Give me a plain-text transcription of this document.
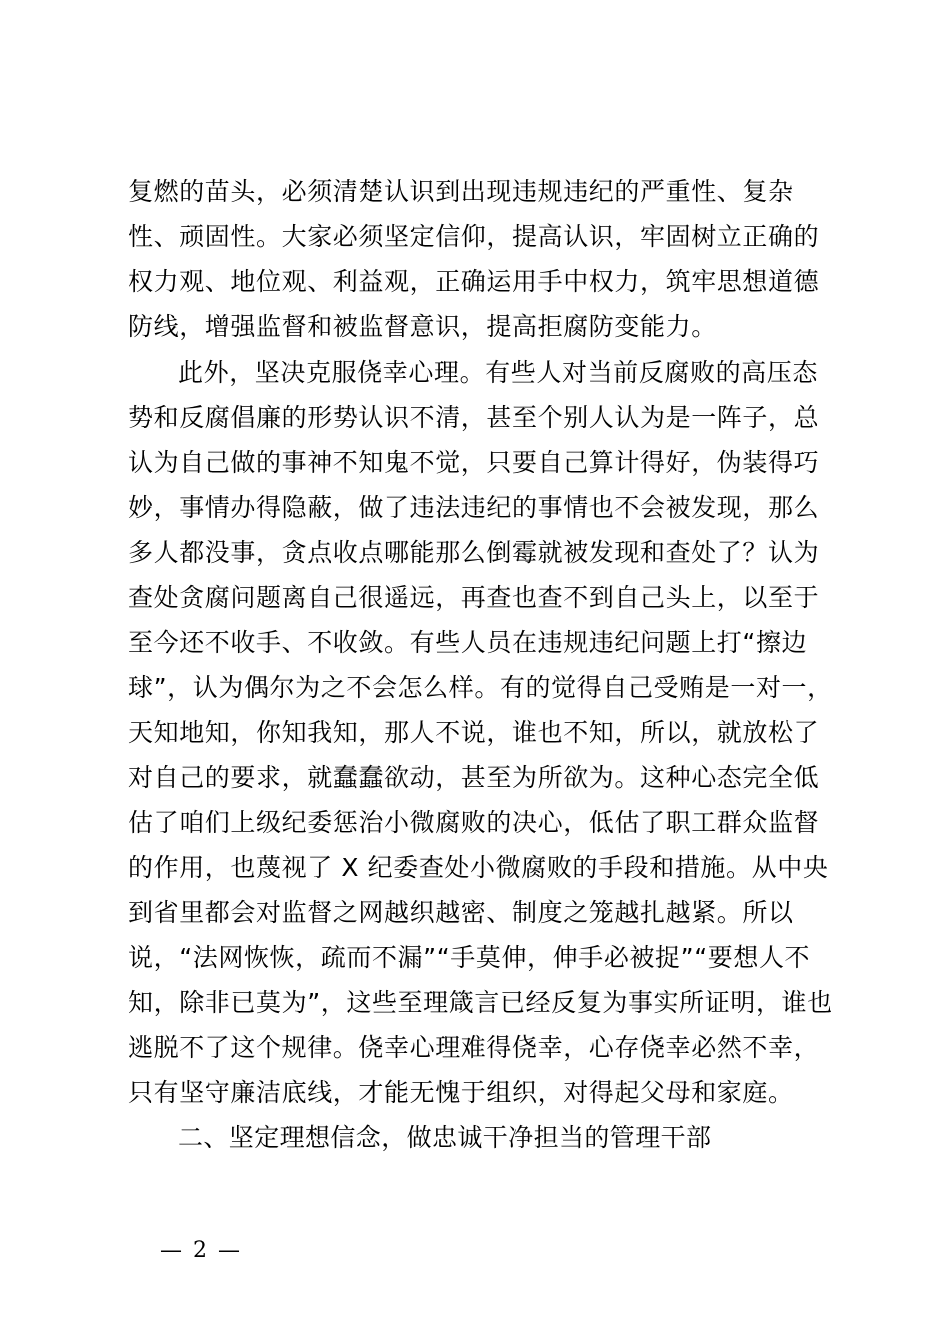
复燃的苗头，必须清楚认识到出现违规违纪的严重性、复杂
性、顽固性。大家必须坚定信仰，提高认识，牢固树立正确的
权力观、地位观、利益观，正确运用手中权力，筑牢思想道德
防线，增强监督和被监督意识，提高拒腐防变能力。
此外，坚决克服侥幸心理。有些人对当前反腐败的高压态
势和反腐倡廉的形势认识不清，甚至个别人认为是一阵子，总
认为自己做的事神不知鬼不觉，只要自己算计得好，伪装得巧
妙，事情办得隐蔽，做了违法违纪的事情也不会被发现，那么
多人都没事，贪点收点哪能那么倒霉就被发现和查处了？认为
查处贪腐问题离自己很遥远，再查也查不到自己头上，以至于
至今还不收手、不收敛。有些人员在违规违纪问题上打“擦边
球”，认为偶尔为之不会怎么样。有的觉得自己受贿是一对一，
天知地知，你知我知，那人不说，谁也不知，所以，就放松了
对自己的要求，就蠢蠢欲动，甚至为所欲为。这种心态完全低
估了咱们上级纪委惩治小微腐败的决心，低估了职工群众监督
的作用，也蔑视了 X 纪委查处小微腐败的手段和措施。从中央
到省里都会对监督之网越织越密、制度之笼越扎越紧。所以
说，“法网恢恢，疏而不漏”“手莫伸，伸手必被捉”“要想人不
知，除非已莫为”，这些至理箴言已经反复为事实所证明，谁也
逃脱不了这个规律。侥幸心理难得侥幸，心存侥幸必然不幸，
只有坚守廉洁底线，才能无愧于组织，对得起父母和家庭。
二、坚定理想信念，做忠诚干净担当的管理干部
— 2 —
